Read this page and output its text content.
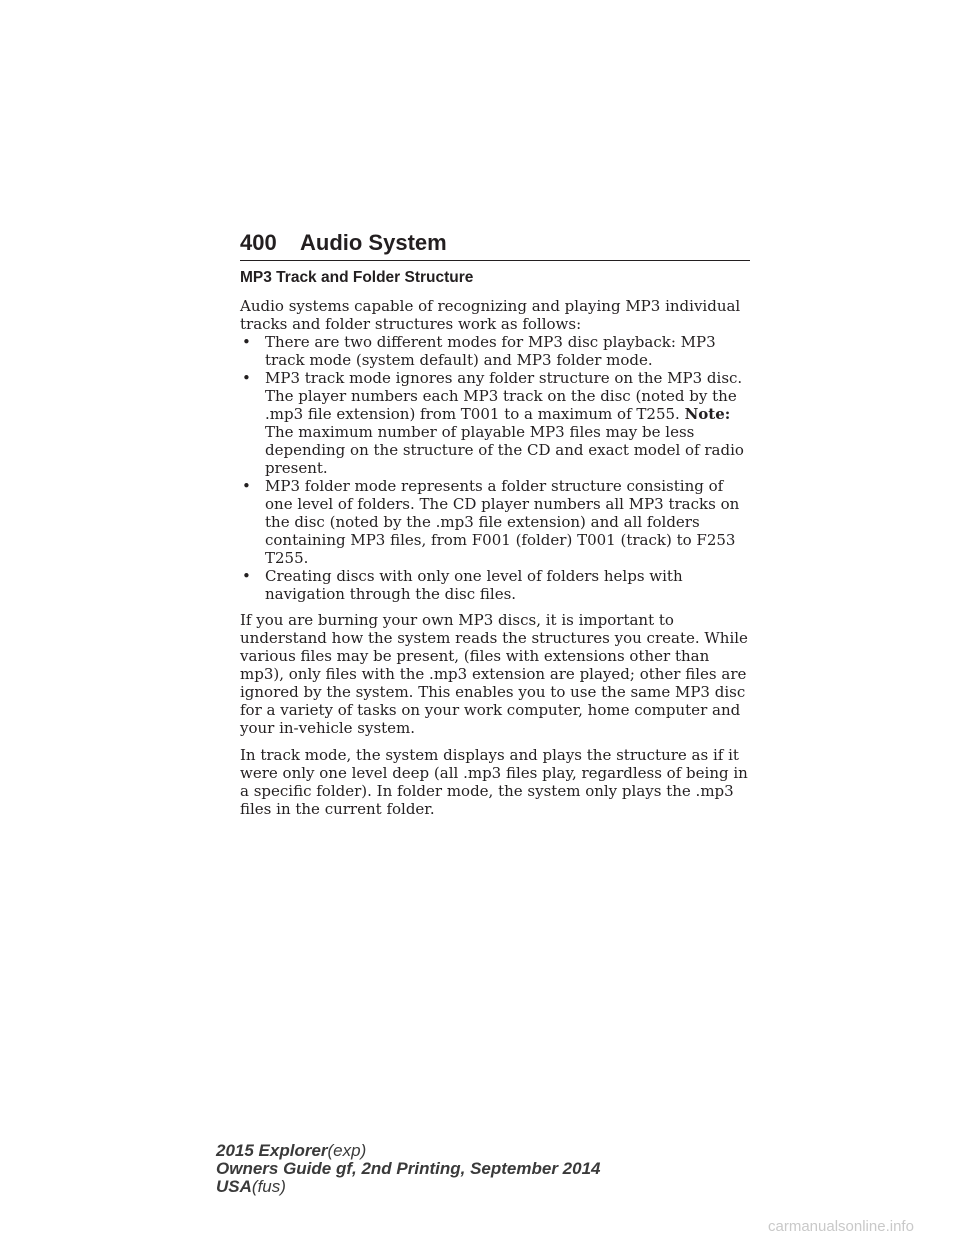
400 Audio System
MP3 Track and Folder Structure

Audio systems capable of recognizing and playing MP3 individual tracks and folder structures work as follows:

• There are two different modes for MP3 disc playback: MP3 track mode (system default) and MP3 folder mode.
• MP3 track mode ignores any folder structure on the MP3 disc. The player numbers each MP3 track on the disc (noted by the .mp3 file extension) from T001 to a maximum of T255. Note: The maximum number of playable MP3 files may be less depending on the structure of the CD and exact model of radio present.
• MP3 folder mode represents a folder structure consisting of one level of folders. The CD player numbers all MP3 tracks on the disc (noted by the .mp3 file extension) and all folders containing MP3 files, from F001 (folder) T001 (track) to F253 T255.
• Creating discs with only one level of folders helps with navigation through the disc files.

If you are burning your own MP3 discs, it is important to understand how the system reads the structures you create. While various files may be present, (files with extensions other than mp3), only files with the .mp3 extension are played; other files are ignored by the system. This enables you to use the same MP3 disc for a variety of tasks on your work computer, home computer and your in-vehicle system.

In track mode, the system displays and plays the structure as if it were only one level deep (all .mp3 files play, regardless of being in a specific folder). In folder mode, the system only plays the .mp3 files in the current folder.

2015 Explorer(exp)
Owners Guide gf, 2nd Printing, September 2014
USA(fus)
carmanualsonline.info
